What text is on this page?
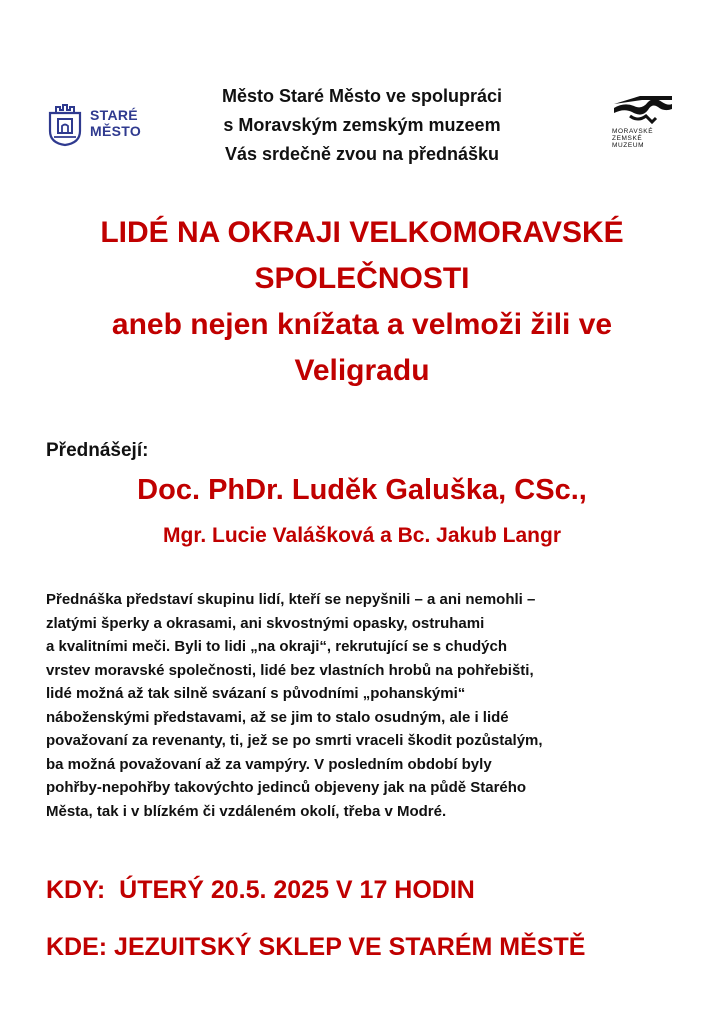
STARÉ
MĚSTO
Město Staré Město ve spolupráci
s Moravským zemským muzeem
Vás srdečně zvou na přednášku
MORAVSKÉ
ZEMSKÉ
MUZEUM
LIDÉ NA OKRAJI VELKOMORAVSKÉ
SPOLEČNOSTI
aneb nejen knížata a velmoži žili ve
Veligradu
Přednášejí:
Doc. PhDr. Luděk Galuška, CSc.,
Mgr. Lucie Valášková a Bc. Jakub Langr
Přednáška představí skupinu lidí, kteří se nepyšnili – a ani nemohli –
zlatými šperky a okrasami, ani skvostnými opasky, ostruhami
a kvalitními meči. Byli to lidi „na okraji“, rekrutující se s chudých
vrstev moravské společnosti, lidé bez vlastních hrobů na pohřebišti,
lidé možná až tak silně svázaní s původními „pohanskými“
náboženskými představami, až se jim to stalo osudným, ale i lidé
považovaní za revenanty, ti, jež se po smrti vraceli škodit pozůstalým,
ba možná považovaní až za vampýry. V posledním období byly
pohřby-nepohřby takovýchto jedinců objeveny jak na půdě Starého
Města, tak i v blízkém či vzdáleném okolí, třeba v Modré.
KDY:  ÚTERÝ 20.5. 2025 V 17 HODIN
KDE: JEZUITSKÝ SKLEP VE STARÉM MĚSTĚ
